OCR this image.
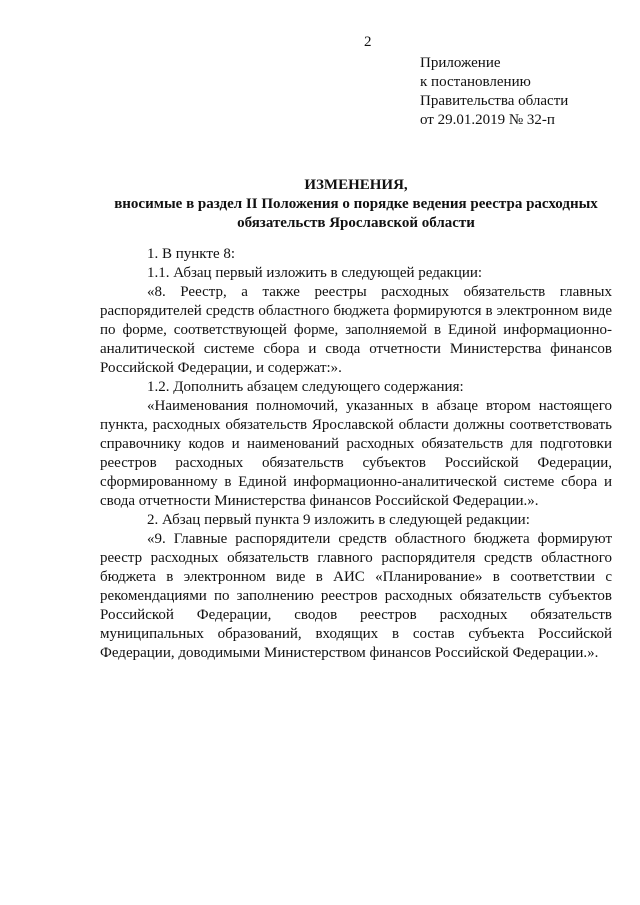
2
Приложение
к постановлению
Правительства области
от 29.01.2019 № 32-п
ИЗМЕНЕНИЯ,
вносимые в раздел II Положения о порядке ведения реестра расходных
обязательств Ярославской области

1. В пункте 8:

1.1. Абзац первый изложить в следующей редакции:

«8. Реестр, а также реестры расходных обязательств главных распорядителей средств областного бюджета формируются в электронном виде по форме, соответствующей форме, заполняемой в Единой информационно-аналитической системе сбора и свода отчетности Министерства финансов Российской Федерации, и содержат:».

1.2. Дополнить абзацем следующего содержания:

«Наименования полномочий, указанных в абзаце втором настоящего пункта, расходных обязательств Ярославской области должны соответствовать справочнику кодов и наименований расходных обязательств для подготовки реестров расходных обязательств субъектов Российской Федерации, сформированному в Единой информационно-аналитической системе сбора и свода отчетности Министерства финансов Российской Федерации.».

2. Абзац первый пункта 9 изложить в следующей редакции:

«9. Главные распорядители средств областного бюджета формируют реестр расходных обязательств главного распорядителя средств областного бюджета в электронном виде в АИС «Планирование» в соответствии с рекомендациями по заполнению реестров расходных обязательств субъектов Российской Федерации, сводов реестров расходных обязательств муниципальных образований, входящих в состав субъекта Российской Федерации, доводимыми Министерством финансов Российской Федерации.».
